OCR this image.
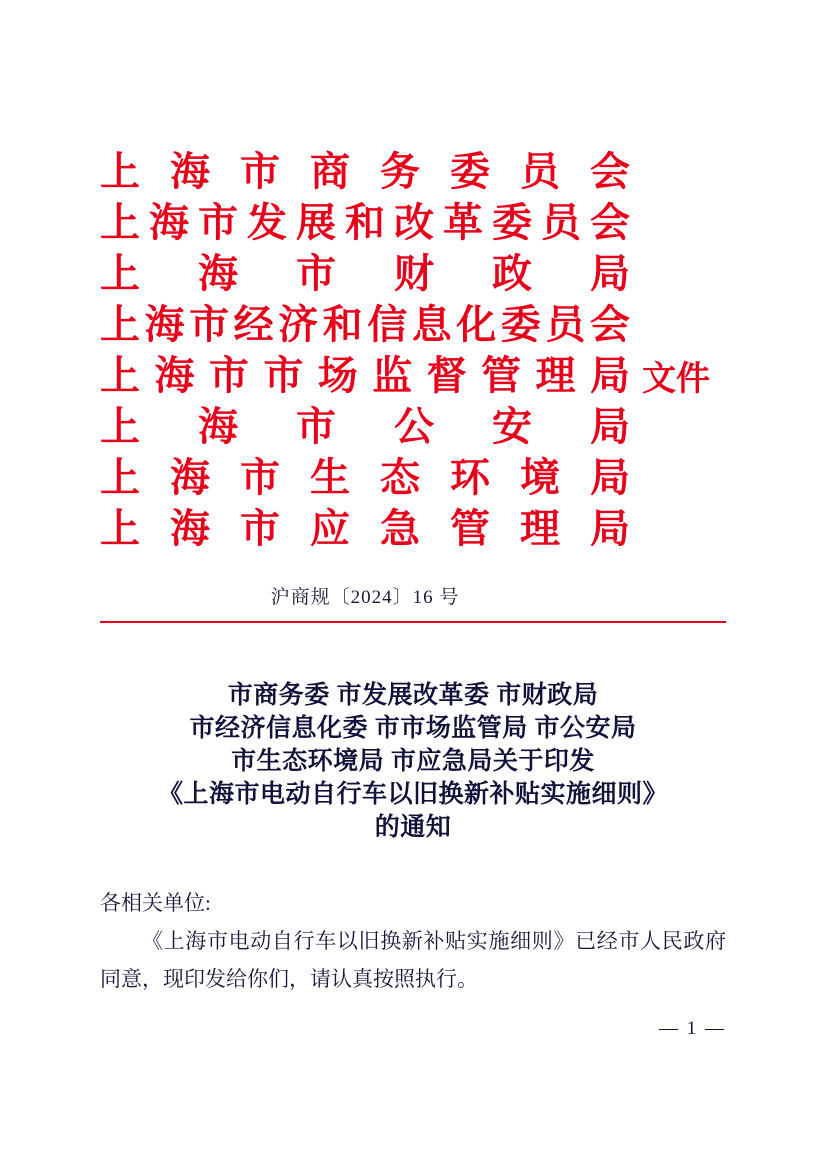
上 海 市 商 务 委 员 会
上 海 市 发 展 和 改 革 委 员 会
上 海 市 财 政 局
上 海 市 经 济 和 信 息 化 委 员 会
上 海 市 市 场 监 督 管 理 局
上 海 市 公 安 局
上 海 市 生 态 环 境 局
上 海 市 应 急 管 理 局
文件
沪商规〔2024〕16 号
市商务委 市发展改革委 市财政局
市经济信息化委 市市场监管局 市公安局
市生态环境局 市应急局关于印发
《上海市电动自行车以旧换新补贴实施细则》
的通知

各相关单位:

《上海市电动自行车以旧换新补贴实施细则》已经市人民政府同意，现印发给你们，请认真按照执行。

— 1 —
